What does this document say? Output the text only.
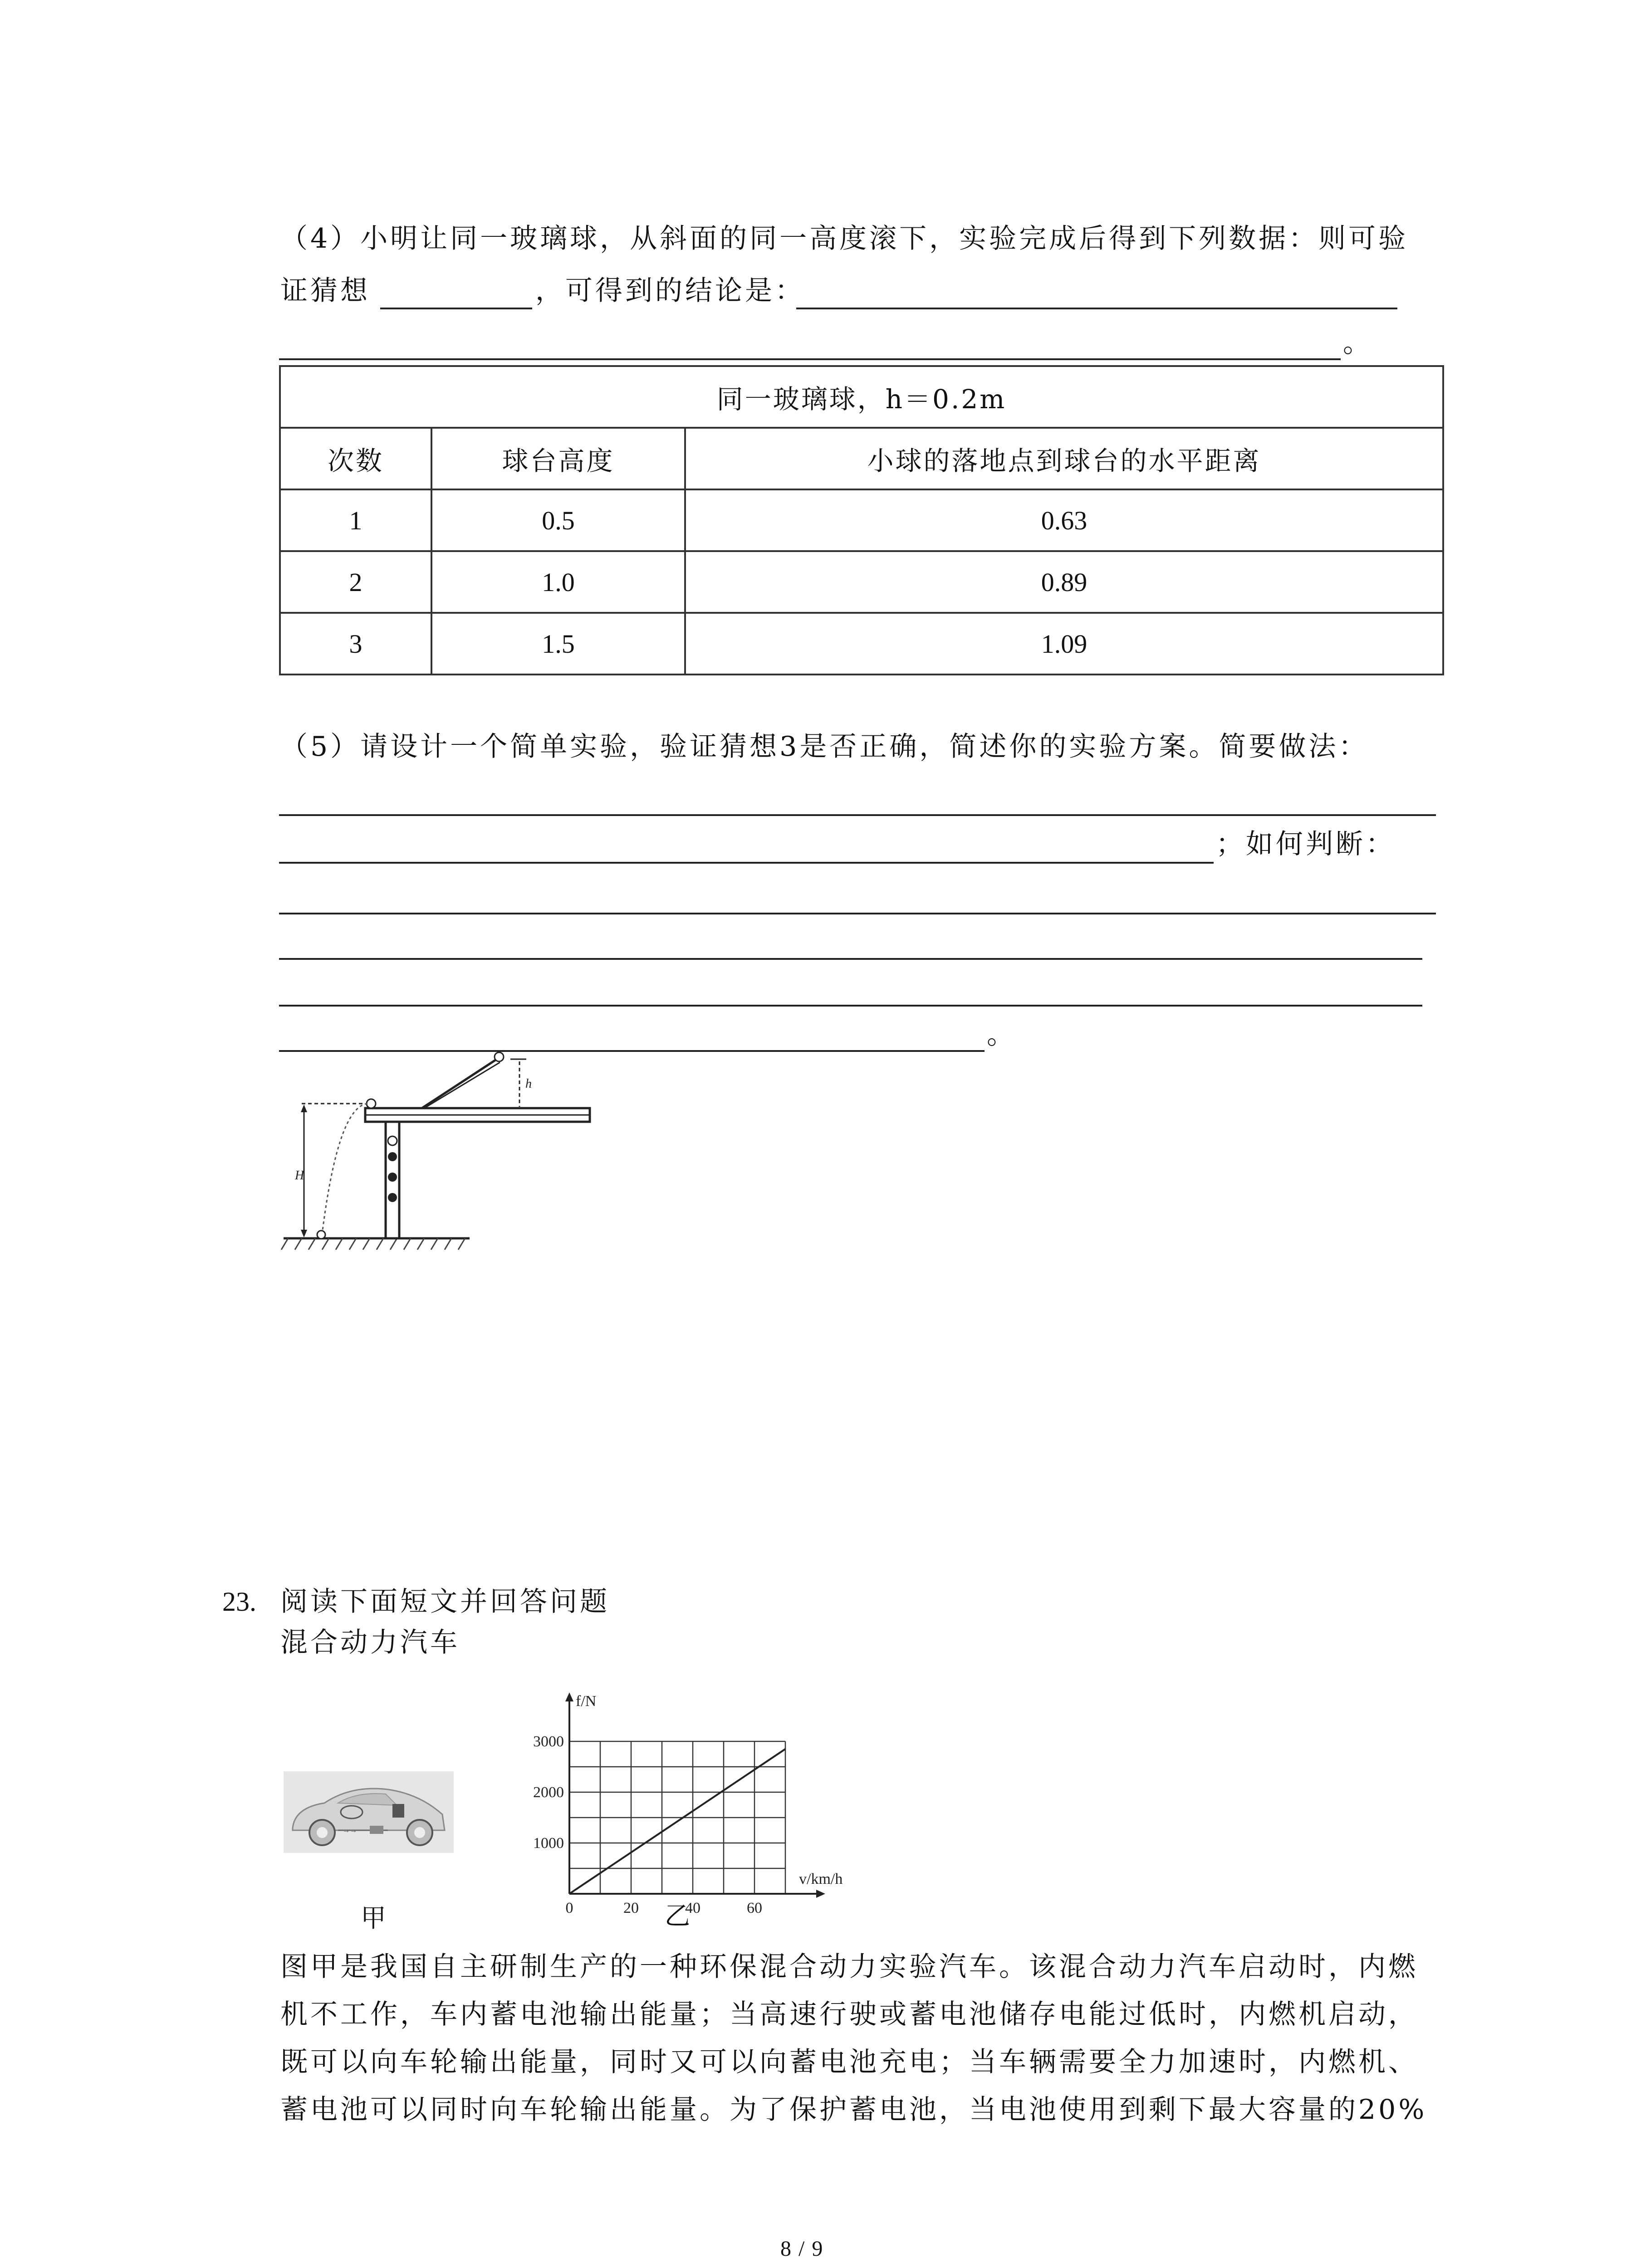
（4）小明让同一玻璃球，从斜面的同一高度滚下，实验完成后得到下列数据：则可验
证猜想	，可得到的结论是：
。
同一玻璃球，h＝0.2m		
次数	球台高度	小球的落地点到球台的水平距离
1	0.5	0.63
2	1.0	0.89
3	1.5	1.09
（5）请设计一个简单实验，验证猜想3是否正确，简述你的实验方案。简要做法：
；如何判断：
。
h
H
23. 阅读下面短文并回答问题
混合动力汽车
→→
甲
f/N
v/km/h
0	20	40	60
1000
2000
3000
乙
图甲是我国自主研制生产的一种环保混合动力实验汽车。该混合动力汽车启动时，内燃
机不工作，车内蓄电池输出能量；当高速行驶或蓄电池储存电能过低时，内燃机启动，
既可以向车轮输出能量，同时又可以向蓄电池充电；当车辆需要全力加速时，内燃机、
蓄电池可以同时向车轮输出能量。为了保护蓄电池，当电池使用到剩下最大容量的20%
8 / 9
